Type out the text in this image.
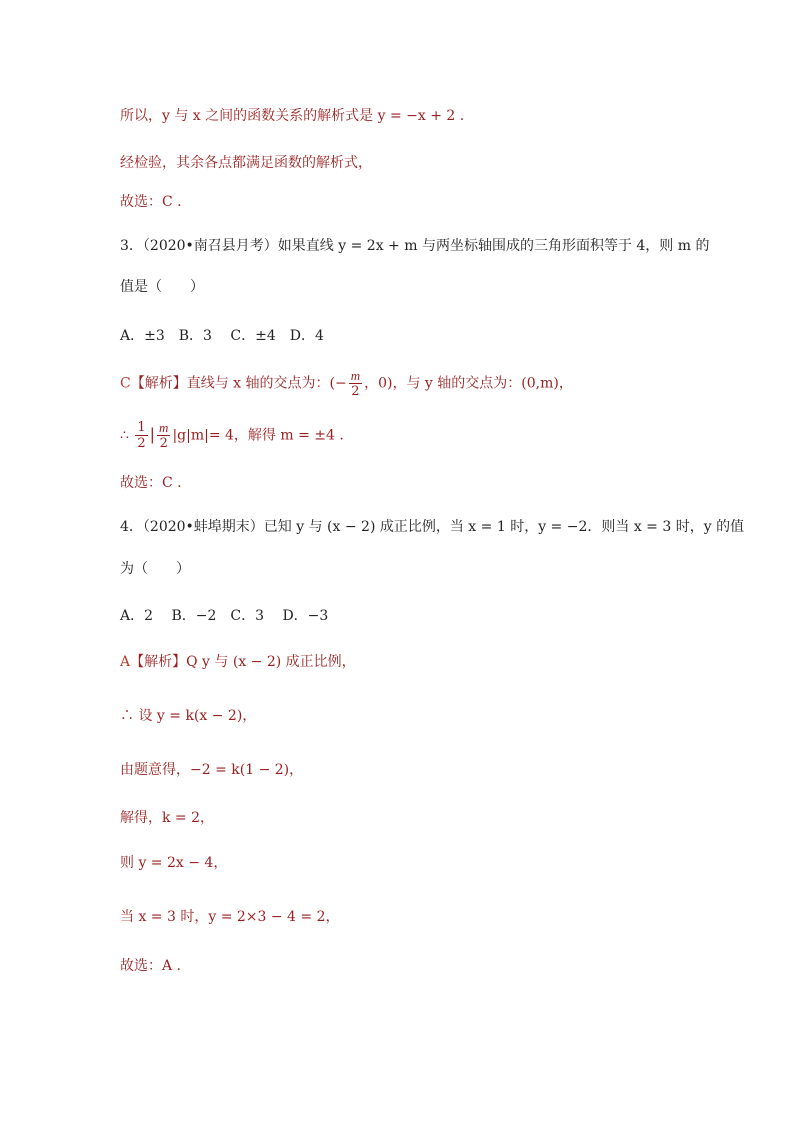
所以，y 与 x 之间的函数关系的解析式是 y = −x + 2 .
经检验，其余各点都满足函数的解析式，
故选：C .
3．（2020•南召县月考）如果直线 y = 2x + m 与两坐标轴围成的三角形面积等于 4，则 m 的
值是（　　）
A．±3　B．3　 C．±4　D．4
C【解析】直线与 x 轴的交点为：(− $\frac{m}{2}$ ，0)，与 y 轴的交点为：(0,m)，
∴ $\frac{1}{2}$ | $\frac{m}{2} |g|m|= 4$，解得 m = ±4 .
故选：C .
4．（2020•蚌埠期末）已知 y 与 (x − 2) 成正比例，当 x = 1 时，y = −2．则当 x = 3 时，y 的值
为（　　）
A．2　 B．−2　C．3　 D．−3
A【解析】Q y 与 (x − 2) 成正比例，
∴ 设 y = k(x − 2)，
由题意得，−2 = k(1 − 2)，
解得，k = 2，
则 y = 2x − 4，
当 x = 3 时，y = 2×3 − 4 = 2，
故选：A .
